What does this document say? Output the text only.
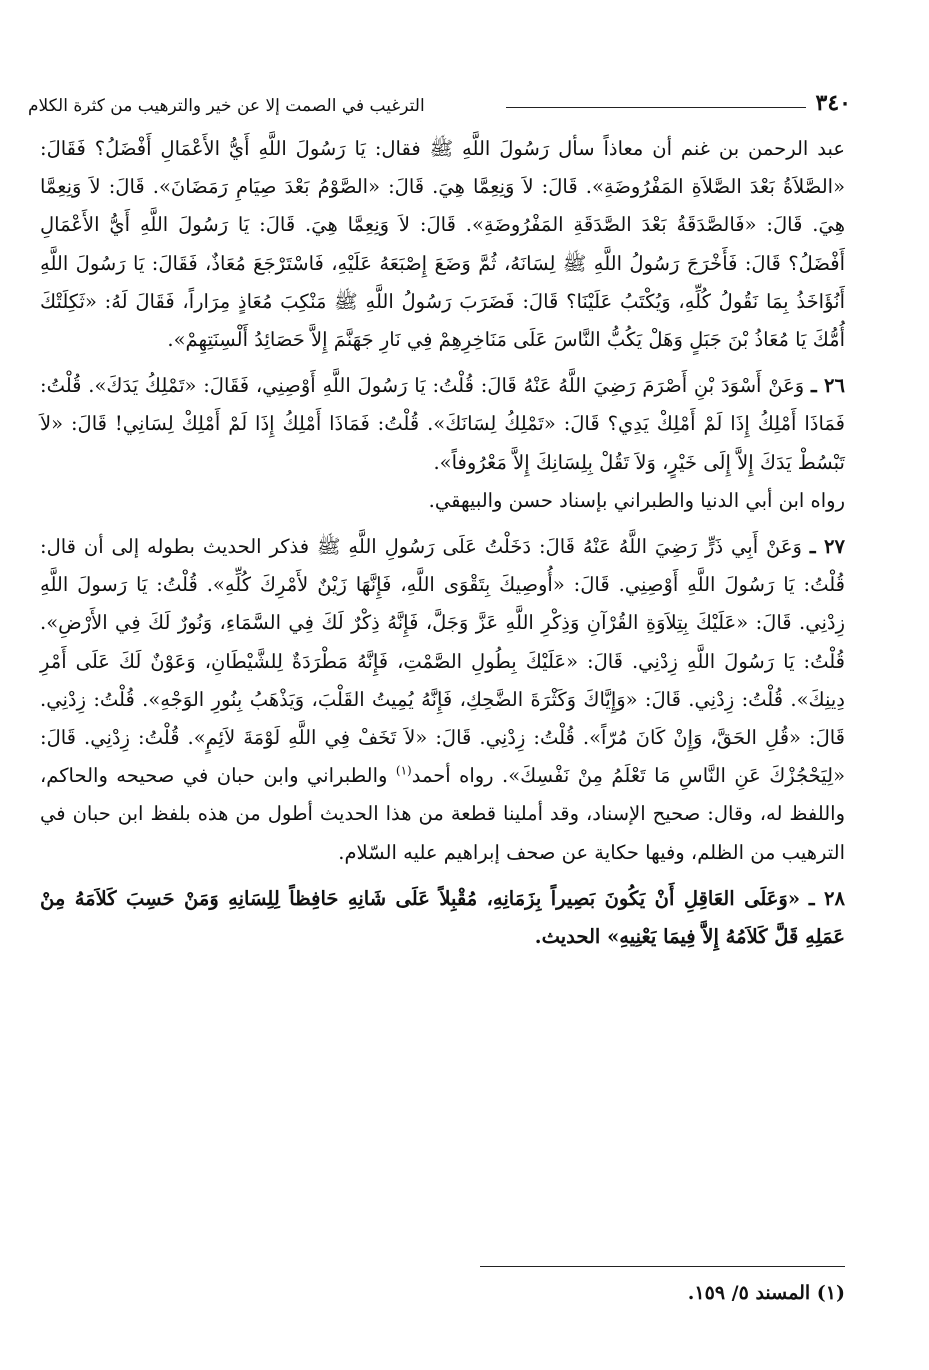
٣٤٠
الترغيب في الصمت إلا عن خير والترهيب من كثرة الكلام

عبد الرحمن بن غنم أن معاذاً سأل رَسُولَ اللَّهِ ﷺ فقال: يَا رَسُولَ اللَّهِ أَيُّ الأَعْمَالِ أَفْضَلُ؟ فَقَالَ: «الصَّلاَةُ بَعْدَ الصَّلاَةِ المَفْرُوضَةِ». قَالَ: لاَ وَنِعِمَّا هِيَ. قَالَ: «الصَّوْمُ بَعْدَ صِيَامِ رَمَضَانَ». قَالَ: لاَ وَنِعِمَّا هِيَ. قَالَ: «فَالصَّدَقَةُ بَعْدَ الصَّدَقَةِ المَفْرُوضَةِ». قَالَ: لاَ وَنِعِمَّا هِيَ. قَالَ: يَا رَسُولَ اللَّهِ أَيُّ الأَعْمَالِ أَفْضَلُ؟ قَالَ: فَأَخْرَجَ رَسُولُ اللَّهِ ﷺ لِسَانَهُ، ثُمَّ وَضَعَ إِصْبَعَهُ عَلَيْهِ، فَاسْتَرْجَعَ مُعَاذٌ، فَقَالَ: يَا رَسُولَ اللَّهِ أَنُؤَاخَذُ بِمَا نَقُولُ كُلِّهِ، وَيُكْتَبُ عَلَيْنَا؟ قَالَ: فَضَرَبَ رَسُولُ اللَّهِ ﷺ مَنْكِبَ مُعَاذٍ مِرَاراً، فَقَالَ لَهُ: «ثَكِلَتْكَ أُمُّكَ يَا مُعَاذُ بْنَ جَبَلٍ وَهَلْ يَكُبُّ النَّاسَ عَلَى مَنَاخِرِهِمْ فِي نَارِ جَهَنَّمَ إِلاَّ حَصَائِدُ أَلْسِنَتِهِمْ».

٢٦ ـ وَعَنْ أَسْوَدَ بْنِ أَصْرَمَ رَضِيَ اللَّهُ عَنْهُ قَالَ: قُلْتُ: يَا رَسُولَ اللَّهِ أَوْصِنِي، فَقَالَ: «تَمْلِكُ يَدَكَ». قُلْتُ: فَمَاذَا أَمْلِكُ إِذَا لَمْ أَمْلِكْ يَدِي؟ قَالَ: «تَمْلِكُ لِسَانَكَ». قُلْتُ: فَمَاذَا أَمْلِكُ إِذَا لَمْ أَمْلِكْ لِسَانِي! قَالَ: «لاَ تَبْسُطْ يَدَكَ إِلاَّ إِلَى خَيْرٍ، وَلاَ تَقُلْ بِلِسَانِكَ إِلاَّ مَعْرُوفاً».

رواه ابن أبي الدنيا والطبراني بإسناد حسن والبيهقي.

٢٧ ـ وَعَنْ أَبِي ذَرٍّ رَضِيَ اللَّهُ عَنْهُ قَالَ: دَخَلْتُ عَلَى رَسُولِ اللَّهِ ﷺ فذكر الحديث بطوله إلى أن قال: قُلْتُ: يَا رَسُولَ اللَّهِ أَوْصِنِي. قَالَ: «أُوصِيكَ بِتَقْوَى اللَّهِ، فَإِنَّهَا زَيْنٌ لأَمْرِكَ كُلِّهِ». قُلْتُ: يَا رَسولَ اللَّهِ زِدْنِي. قَالَ: «عَلَيْكَ بِتِلاَوَةِ القُرْآنِ وَذِكْرِ اللَّهِ عَزَّ وَجَلَّ، فَإِنَّهُ ذِكْرٌ لَكَ فِي السَّمَاءِ، وَنُورٌ لَكَ فِي الأَرْضِ». قُلْتُ: يَا رَسُولَ اللَّهِ زِدْنِي. قَالَ: «عَلَيْكَ بِطُولِ الصَّمْتِ، فَإِنَّهُ مَطْرَدَةٌ لِلشَّيْطَانِ، وَعَوْنٌ لَكَ عَلَى أَمْرِ دِينِكَ». قُلْتُ: زِدْنِي. قَالَ: «وَإِيَّاكَ وَكَثْرَةَ الضَّحِكِ، فَإِنَّهُ يُمِيتُ القَلْبَ، وَيَذْهَبُ بِنُورِ الوَجْهِ». قُلْتُ: زِدْنِي. قَالَ: «قُلِ الحَقَّ، وَإِنْ كَانَ مُرّاً». قُلْتُ: زِدْنِي. قَالَ: «لاَ تَخَفْ فِي اللَّهِ لَوْمَةَ لاَئِمٍ». قُلْتُ: زِدْنِي. قَالَ: «لِيَحْجُزْكَ عَنِ النَّاسِ مَا تَعْلَمُ مِنْ نَفْسِكَ». رواه أحمد$^{(١)}$ والطبراني وابن حبان في صحيحه والحاكم، واللفظ له، وقال: صحيح الإسناد، وقد أملينا قطعة من هذا الحديث أطول من هذه بلفظ ابن حبان في الترهيب من الظلم، وفيها حكاية عن صحف إبراهيم عليه السّلام.

٢٨ ـ «وَعَلَى العَاقِلِ أَنْ يَكُونَ بَصِيراً بِزَمَانِهِ، مُقْبِلاً عَلَى شَانِهِ حَافِظاً لِلِسَانِهِ وَمَنْ حَسِبَ كَلاَمَهُ مِنْ عَمَلِهِ قَلَّ كَلاَمُهُ إِلاَّ فِيمَا يَعْنِيهِ» الحديث.

(١) المسند ٥/ ١٥٩.
